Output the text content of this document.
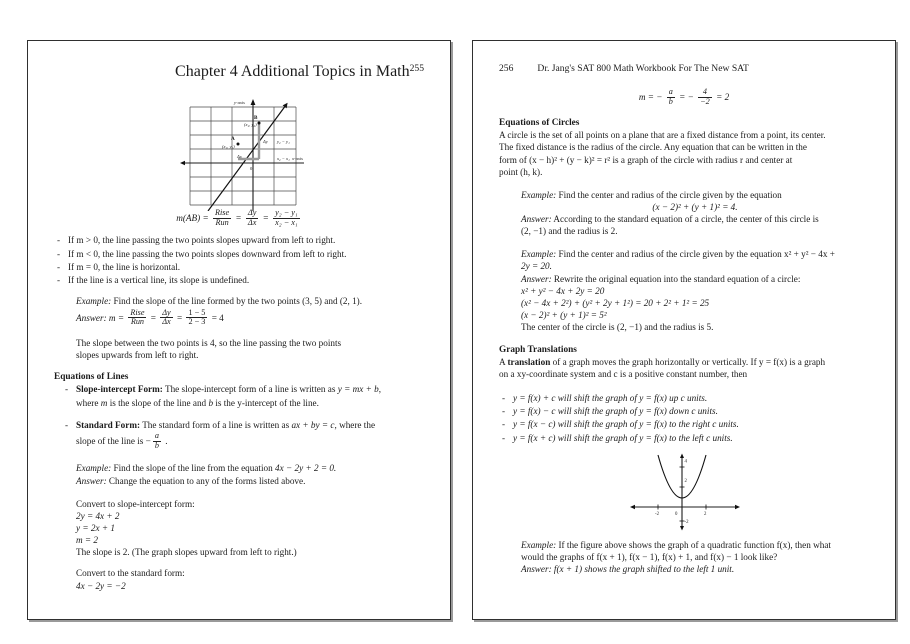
Chapter 4 Additional Topics in Math 255
y-axis
B
(x₂, y₂)
A
(x₁, y₁)
Δy
Δx
y₂ − y₁
x₂ − x₁ x-axis
0
$m(AB) = \frac{\text{Rise}}{\text{Run}} = \frac{\Delta y}{\Delta x} = \frac{\text{y₂ − y₁}}{\text{x₂ − x₁}}$
- If m > 0, the line passing the two points slopes upward from left to right.
- If m < 0, the line passing the two points slopes downward from left to right.
- If m = 0, the line is horizontal.
- If the line is a vertical line, its slope is undefined.
Example: Find the slope of the line formed by the two points (3, 5) and (2, 1).
Answer: $m = \frac{\text{Rise}}{\text{Run}} = \frac{\Delta y}{\Delta x} = \frac{1 - 5}{2 - 3} = 4$
The slope between the two points is 4, so the line passing the two points
slopes upwards from left to right.
Equations of Lines
- Slope-intercept Form: The slope-intercept form of a line is written as y = mx + b,
where m is the slope of the line and b is the y-intercept of the line.
- Standard Form: The standard form of a line is written as ax + by = c, where the
slope of the line is − $\frac{a}{b}$ .
Example: Find the slope of the line from the equation 4x − 2y + 2 = 0.
Answer: Change the equation to any of the forms listed above.
Convert to slope-intercept form:
2y = 4x + 2
y = 2x + 1
m = 2
The slope is 2. (The graph slopes upward from left to right.)
Convert to the standard form:
4x − 2y = −2
256	Dr. Jang's SAT 800 Math Workbook For The New SAT
m = − $\frac{a}{b}$ = − $\frac{4}{-2} = 2$
Equations of Circles
A circle is the set of all points on a plane that are a fixed distance from a point, its center.
The fixed distance is the radius of the circle. Any equation that can be written in the
form of (x − h)² + (y − k)² = r² is a graph of the circle with radius r and center at
point (h, k).
Example: Find the center and radius of the circle given by the equation
(x − 2)² + (y + 1)² = 4.
Answer: According to the standard equation of a circle, the center of this circle is
(2, −1) and the radius is 2.
Example: Find the center and radius of the circle given by the equation x² + y² − 4x +
2y = 20.
Answer: Rewrite the original equation into the standard equation of a circle:
x² + y² − 4x + 2y = 20
(x² − 4x + 2²) + (y² + 2y + 1²) = 20 + 2² + 1² = 25
(x − 2)² + (y + 1)² = 5²
The center of the circle is (2, −1) and the radius is 5.
Graph Translations
A translation of a graph moves the graph horizontally or vertically. If y = f(x) is a graph
on a xy-coordinate system and c is a positive constant number, then
- y = f(x) + c will shift the graph of y = f(x) up c units.
- y = f(x) − c will shift the graph of y = f(x) down c units.
- y = f(x − c) will shift the graph of y = f(x) to the right c units.
- y = f(x + c) will shift the graph of y = f(x) to the left c units.
-2	2
4
2
-2
0
Example: If the figure above shows the graph of a quadratic function f(x), then what
would the graphs of f(x + 1), f(x − 1), f(x) + 1, and f(x) − 1 look like?
Answer: f(x + 1) shows the graph shifted to the left 1 unit.
